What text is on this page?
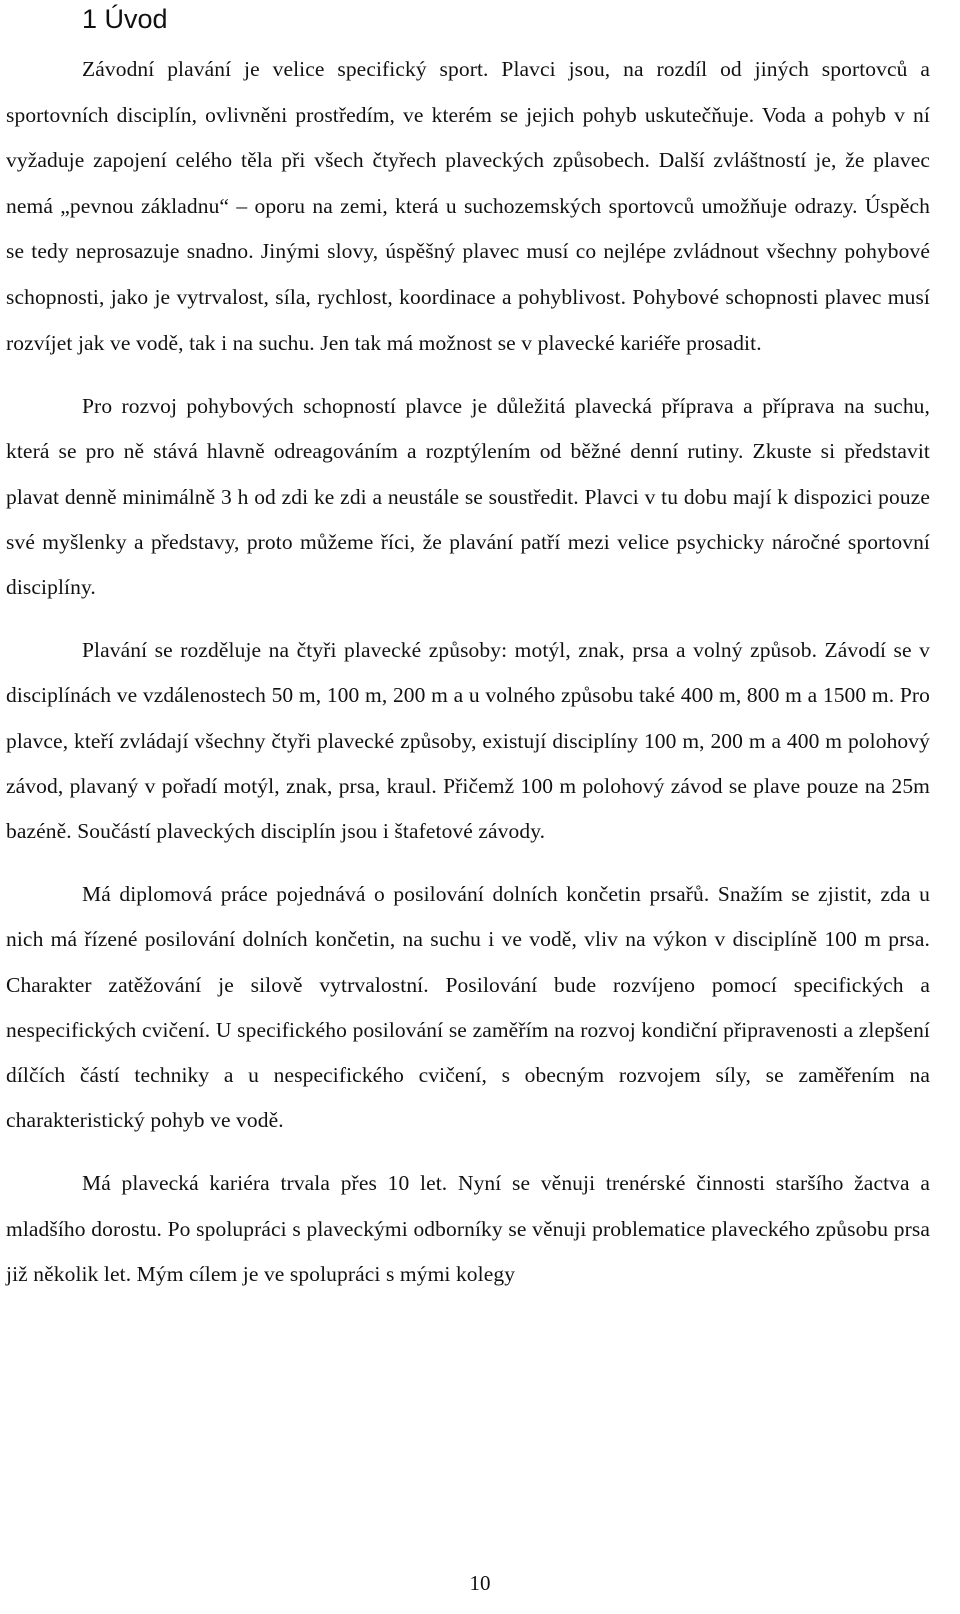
1 Úvod

Závodní plavání je velice specifický sport. Plavci jsou, na rozdíl od jiných sportovců a sportovních disciplín, ovlivněni prostředím, ve kterém se jejich pohyb uskutečňuje. Voda a pohyb v ní vyžaduje zapojení celého těla při všech čtyřech plaveckých způsobech. Další zvláštností je, že plavec nemá „pevnou základnu“ – oporu na zemi, která u suchozemských sportovců umožňuje odrazy. Úspěch se tedy neprosazuje snadno. Jinými slovy, úspěšný plavec musí co nejlépe zvládnout všechny pohybové schopnosti, jako je vytrvalost, síla, rychlost, koordinace a pohyblivost. Pohybové schopnosti plavec musí rozvíjet jak ve vodě, tak i na suchu. Jen tak má možnost se v plavecké kariéře prosadit.

Pro rozvoj pohybových schopností plavce je důležitá plavecká příprava a příprava na suchu, která se pro ně stává hlavně odreagováním a rozptýlením od běžné denní rutiny. Zkuste si představit plavat denně minimálně 3 h od zdi ke zdi a neustále se soustředit. Plavci v tu dobu mají k dispozici pouze své myšlenky a představy, proto můžeme říci, že plavání patří mezi velice psychicky náročné sportovní disciplíny.

Plavání se rozděluje na čtyři plavecké způsoby: motýl, znak, prsa a volný způsob. Závodí se v disciplínách ve vzdálenostech 50 m, 100 m, 200 m a u volného způsobu také 400 m, 800 m a 1500 m. Pro plavce, kteří zvládají všechny čtyři plavecké způsoby, existují disciplíny 100 m, 200 m a 400 m polohový závod, plavaný v pořadí motýl, znak, prsa, kraul. Přičemž 100 m polohový závod se plave pouze na 25m bazéně. Součástí plaveckých disciplín jsou i štafetové závody.

Má diplomová práce pojednává o posilování dolních končetin prsařů. Snažím se zjistit, zda u nich má řízené posilování dolních končetin, na suchu i ve vodě, vliv na výkon v disciplíně 100 m prsa. Charakter zatěžování je silově vytrvalostní. Posilování bude rozvíjeno pomocí specifických a nespecifických cvičení. U specifického posilování se zaměřím na rozvoj kondiční připravenosti a zlepšení dílčích částí techniky a u nespecifického cvičení, s obecným rozvojem síly, se zaměřením na charakteristický pohyb ve vodě.

Má plavecká kariéra trvala přes 10 let. Nyní se věnuji trenérské činnosti staršího žactva a mladšího dorostu. Po spolupráci s plaveckými odborníky se věnuji problematice plaveckého způsobu prsa již několik let. Mým cílem je ve spolupráci s mými kolegy

10
